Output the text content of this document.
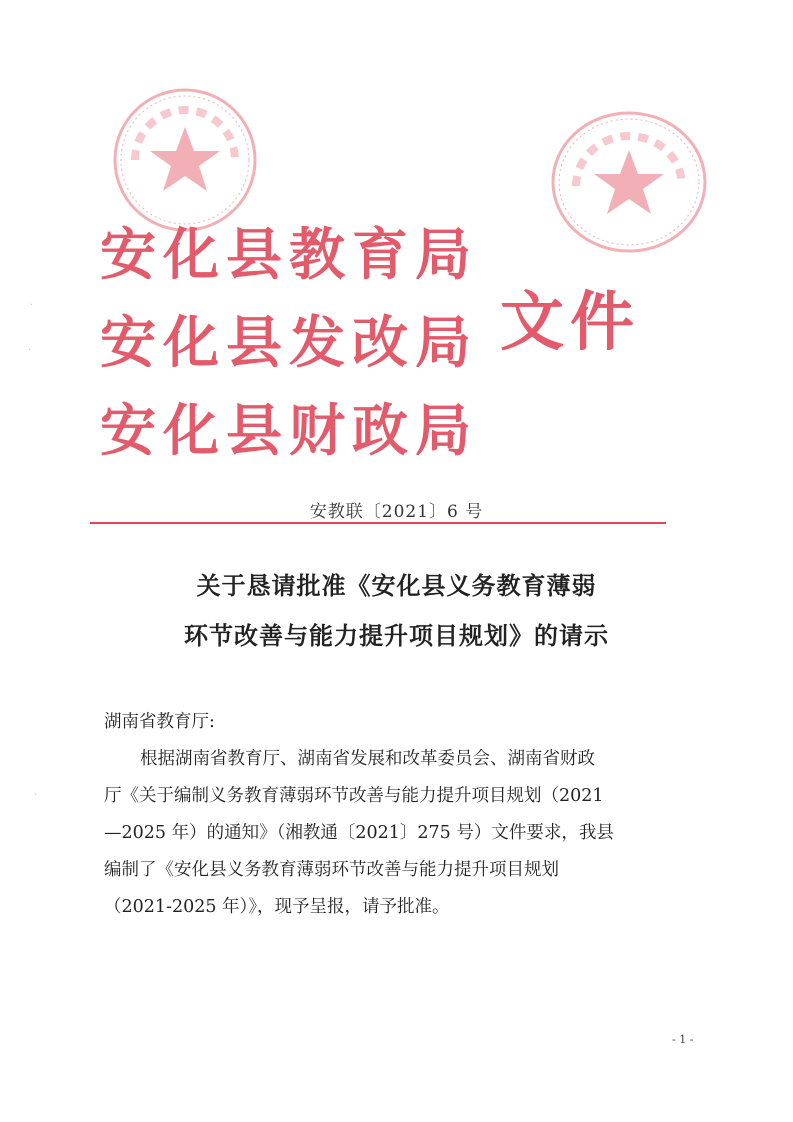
安化县教育局
安化县发改局
安化县财政局
文件
安教联〔2021〕6 号
关于恳请批准《安化县义务教育薄弱
环节改善与能力提升项目规划》的请示
湖南省教育厅:
根据湖南省教育厅、湖南省发展和改革委员会、湖南省财政
厅《关于编制义务教育薄弱环节改善与能力提升项目规划（2021
—2025 年）的通知》（湘教通〔2021〕275 号）文件要求，我县
编制了《安化县义务教育薄弱环节改善与能力提升项目规划
（2021-2025 年）》，现予呈报，请予批准。
- 1 -
·
·
·
